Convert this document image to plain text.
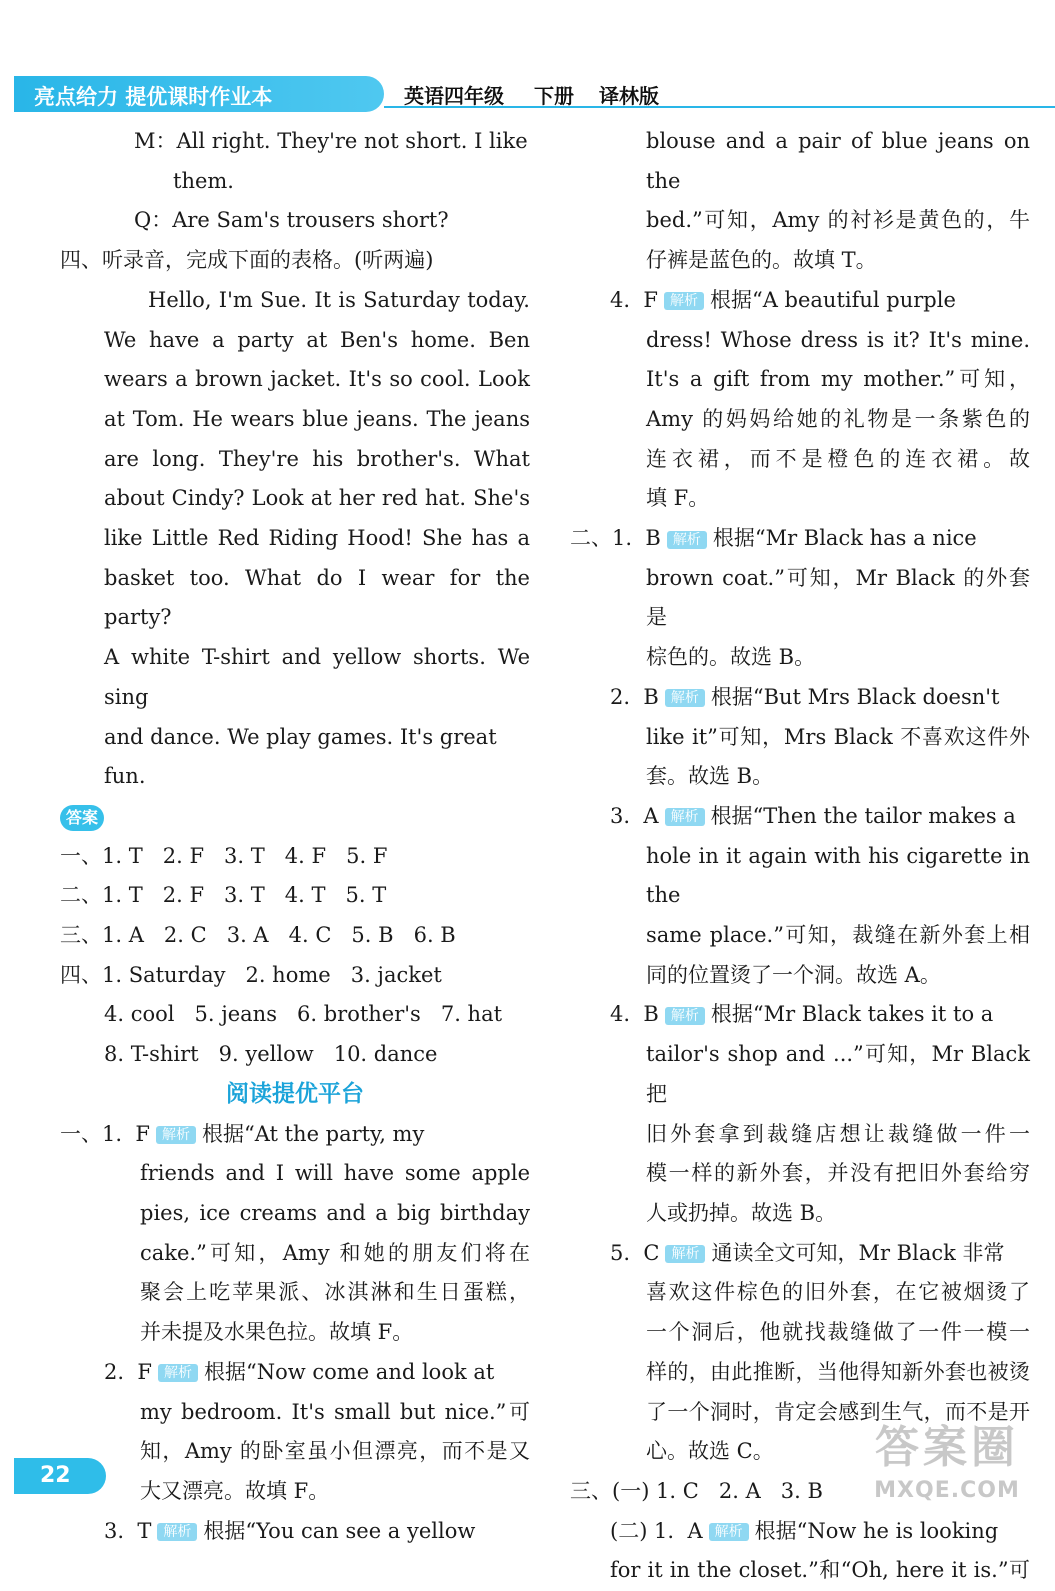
亮点给力 提优课时作业本	英语四年级 下册 译林版

M：All right. They're not short. I like

them.

Q：Are Sam's trousers short?

四、听录音，完成下面的表格。(听两遍)

Hello, I'm Sue. It is Saturday today.

We have a party at Ben's home. Ben

wears a brown jacket. It's so cool. Look

at Tom. He wears blue jeans. The jeans

are long. They're his brother's. What

about Cindy? Look at her red hat. She's

like Little Red Riding Hood! She has a

basket too. What do I wear for the party?

A white T-shirt and yellow shorts. We sing

and dance. We play games. It's great fun.

答案

一、1. T   2. F   3. T   4. F   5. F

二、1. T   2. F   3. T   4. T   5. T

三、1. A   2. C   3. A   4. C   5. B   6. B

四、1. Saturday   2. home   3. jacket

4. cool   5. jeans   6. brother's   7. hat

8. T-shirt   9. yellow   10. dance

阅读提优平台

一、1.  F 解析 根据“At the party, my

friends and I will have some apple

pies, ice creams and a big birthday

cake.”可知，Amy 和她的朋友们将在

聚会上吃苹果派、冰淇淋和生日蛋糕，

并未提及水果色拉。故填 F。

2.  F 解析 根据“Now come and look at

my bedroom. It's small but nice.”可

知，Amy 的卧室虽小但漂亮，而不是又

大又漂亮。故填 F。

3.  T 解析 根据“You can see a yellow

blouse and a pair of blue jeans on the

bed.”可知，Amy 的衬衫是黄色的，牛

仔裤是蓝色的。故填 T。

4.  F 解析 根据“A beautiful purple

dress! Whose dress is it? It's mine.

It's a gift from my mother.”可知，

Amy 的妈妈给她的礼物是一条紫色的

连衣裙，而不是橙色的连衣裙。故

填 F。

二、1.  B 解析 根据“Mr Black has a nice

brown coat.”可知，Mr Black 的外套是

棕色的。故选 B。

2.  B 解析 根据“But Mrs Black doesn't

like it”可知，Mrs Black 不喜欢这件外

套。故选 B。

3.  A 解析 根据“Then the tailor makes a

hole in it again with his cigarette in the

same place.”可知，裁缝在新外套上相

同的位置烫了一个洞。故选 A。

4.  B 解析 根据“Mr Black takes it to a

tailor's shop and ...”可知，Mr Black 把

旧外套拿到裁缝店想让裁缝做一件一

模一样的新外套，并没有把旧外套给穷

人或扔掉。故选 B。

5.  C 解析 通读全文可知，Mr Black 非常

喜欢这件棕色的旧外套，在它被烟烫了

一个洞后，他就找裁缝做了一件一模一

样的，由此推断，当他得知新外套也被烫

了一个洞时，肯定会感到生气，而不是开

心。故选 C。

三、(一) 1. C   2. A   3. B

(二) 1.  A 解析 根据“Now he is looking

for it in the closet.”和“Oh, here it is.”可

22
答案圈
MXQE.COM
